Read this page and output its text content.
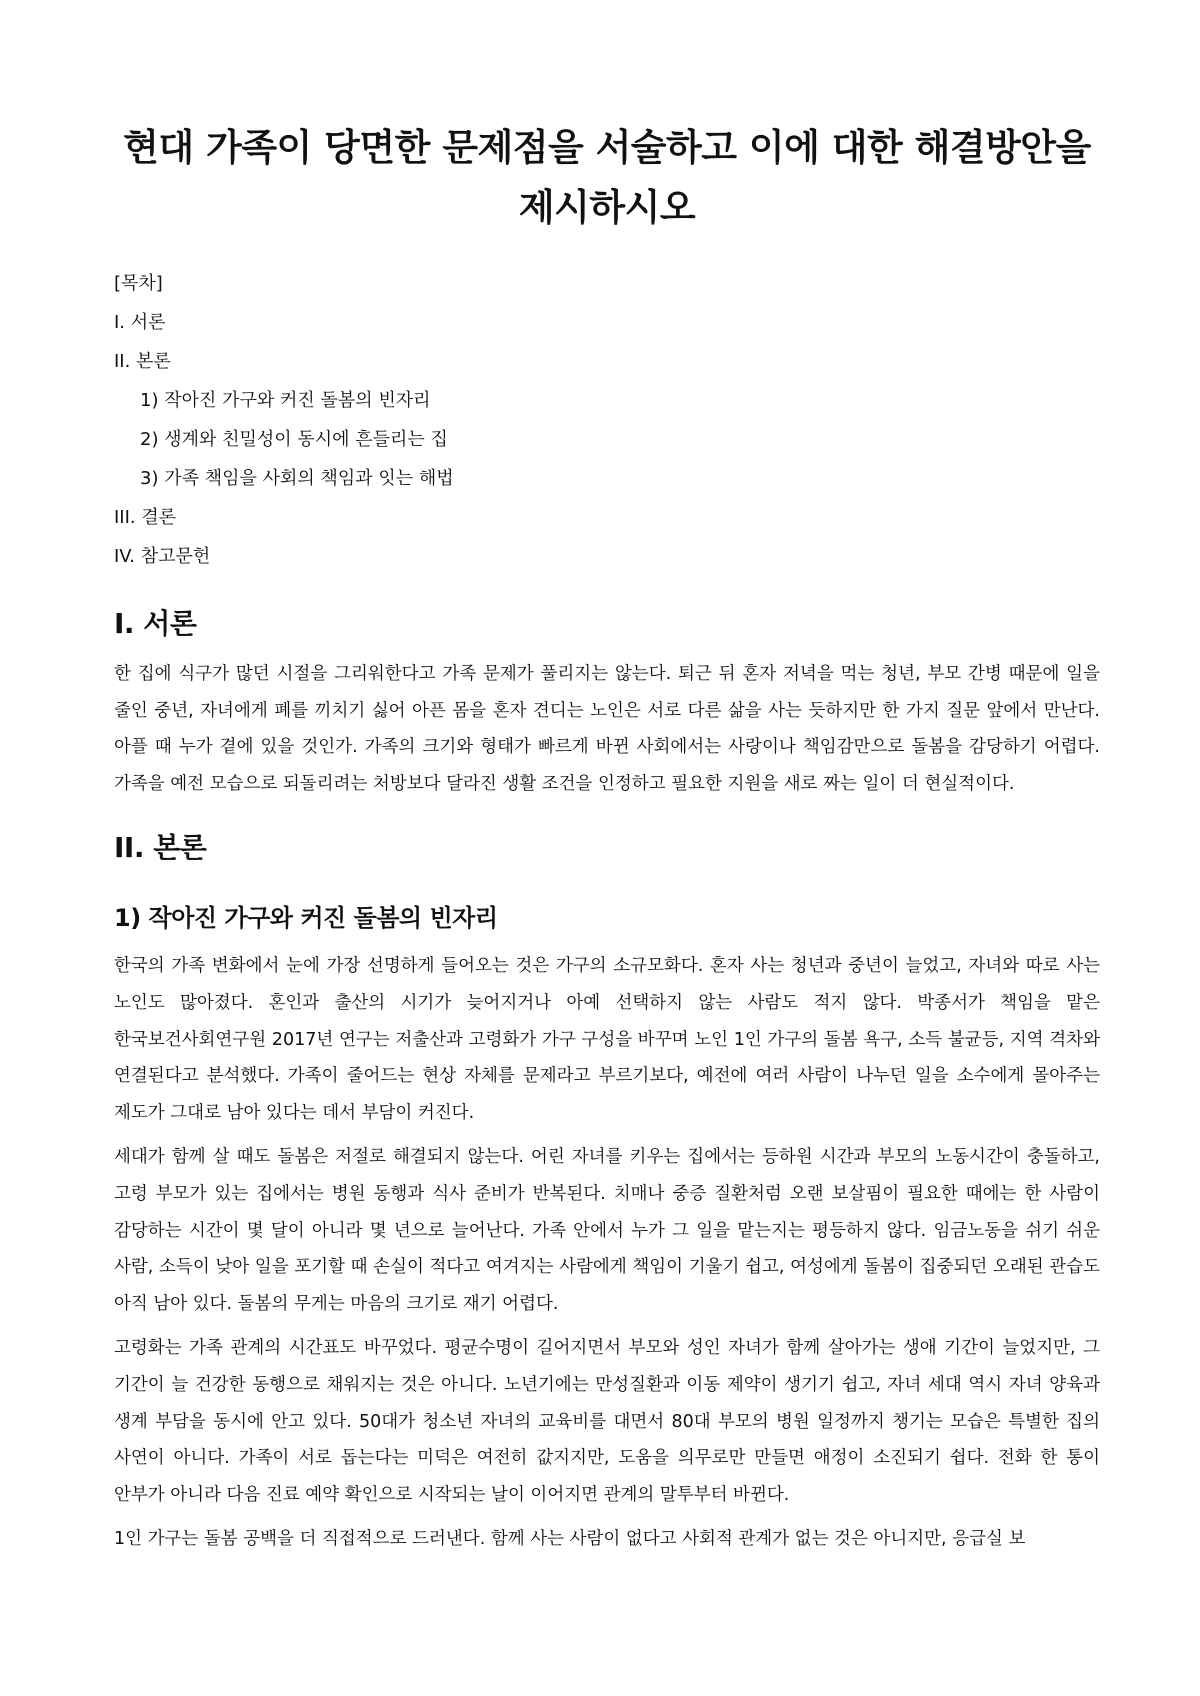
현대 가족이 당면한 문제점을 서술하고 이에 대한 해결방안을 제시하시오
[목차]
I. 서론
II. 본론
1) 작아진 가구와 커진 돌봄의 빈자리
2) 생계와 친밀성이 동시에 흔들리는 집
3) 가족 책임을 사회의 책임과 잇는 해법
III. 결론
IV. 참고문헌
I. 서론

한 집에 식구가 많던 시절을 그리워한다고 가족 문제가 풀리지는 않는다. 퇴근 뒤 혼자 저녁을 먹는 청년, 부모 간병 때문에 일을 줄인 중년, 자녀에게 폐를 끼치기 싫어 아픈 몸을 혼자 견디는 노인은 서로 다른 삶을 사는 듯하지만 한 가지 질문 앞에서 만난다. 아플 때 누가 곁에 있을 것인가. 가족의 크기와 형태가 빠르게 바뀐 사회에서는 사랑이나 책임감만으로 돌봄을 감당하기 어렵다. 가족을 예전 모습으로 되돌리려는 처방보다 달라진 생활 조건을 인정하고 필요한 지원을 새로 짜는 일이 더 현실적이다.

II. 본론
1) 작아진 가구와 커진 돌봄의 빈자리

한국의 가족 변화에서 눈에 가장 선명하게 들어오는 것은 가구의 소규모화다. 혼자 사는 청년과 중년이 늘었고, 자녀와 따로 사는 노인도 많아졌다. 혼인과 출산의 시기가 늦어지거나 아예 선택하지 않는 사람도 적지 않다. 박종서가 책임을 맡은 한국보건사회연구원 2017년 연구는 저출산과 고령화가 가구 구성을 바꾸며 노인 1인 가구의 돌봄 욕구, 소득 불균등, 지역 격차와 연결된다고 분석했다. 가족이 줄어드는 현상 자체를 문제라고 부르기보다, 예전에 여러 사람이 나누던 일을 소수에게 몰아주는 제도가 그대로 남아 있다는 데서 부담이 커진다.

세대가 함께 살 때도 돌봄은 저절로 해결되지 않는다. 어린 자녀를 키우는 집에서는 등하원 시간과 부모의 노동시간이 충돌하고, 고령 부모가 있는 집에서는 병원 동행과 식사 준비가 반복된다. 치매나 중증 질환처럼 오랜 보살핌이 필요한 때에는 한 사람이 감당하는 시간이 몇 달이 아니라 몇 년으로 늘어난다. 가족 안에서 누가 그 일을 맡는지는 평등하지 않다. 임금노동을 쉬기 쉬운 사람, 소득이 낮아 일을 포기할 때 손실이 적다고 여겨지는 사람에게 책임이 기울기 쉽고, 여성에게 돌봄이 집중되던 오래된 관습도 아직 남아 있다. 돌봄의 무게는 마음의 크기로 재기 어렵다.

고령화는 가족 관계의 시간표도 바꾸었다. 평균수명이 길어지면서 부모와 성인 자녀가 함께 살아가는 생애 기간이 늘었지만, 그 기간이 늘 건강한 동행으로 채워지는 것은 아니다. 노년기에는 만성질환과 이동 제약이 생기기 쉽고, 자녀 세대 역시 자녀 양육과 생계 부담을 동시에 안고 있다. 50대가 청소년 자녀의 교육비를 대면서 80대 부모의 병원 일정까지 챙기는 모습은 특별한 집의 사연이 아니다. 가족이 서로 돕는다는 미덕은 여전히 값지지만, 도움을 의무로만 만들면 애정이 소진되기 쉽다. 전화 한 통이 안부가 아니라 다음 진료 예약 확인으로 시작되는 날이 이어지면 관계의 말투부터 바뀐다.

1인 가구는 돌봄 공백을 더 직접적으로 드러낸다. 함께 사는 사람이 없다고 사회적 관계가 없는 것은 아니지만, 응급실 보
